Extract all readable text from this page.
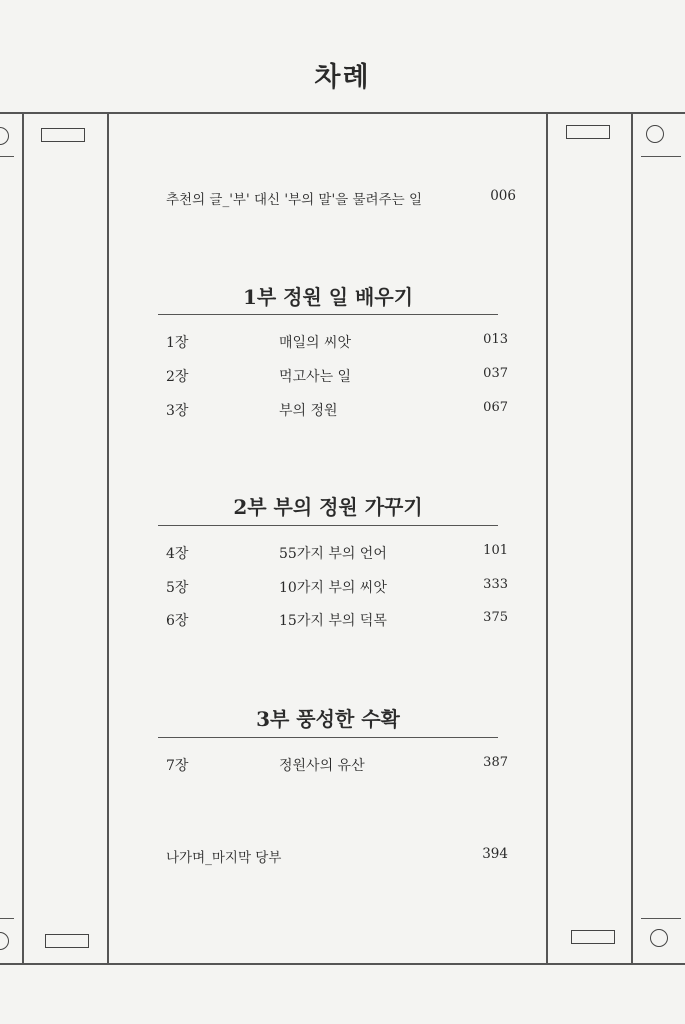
차례
추천의 글_'부' 대신 '부의 말'을 물려주는 일	006
1부 정원 일 배우기
1장	매일의 씨앗	013
2장	먹고사는 일	037
3장	부의 정원	067
2부 부의 정원 가꾸기
4장	55가지 부의 언어	101
5장	10가지 부의 씨앗	333
6장	15가지 부의 덕목	375
3부 풍성한 수확
7장	정원사의 유산	387
나가며_마지막 당부	394
